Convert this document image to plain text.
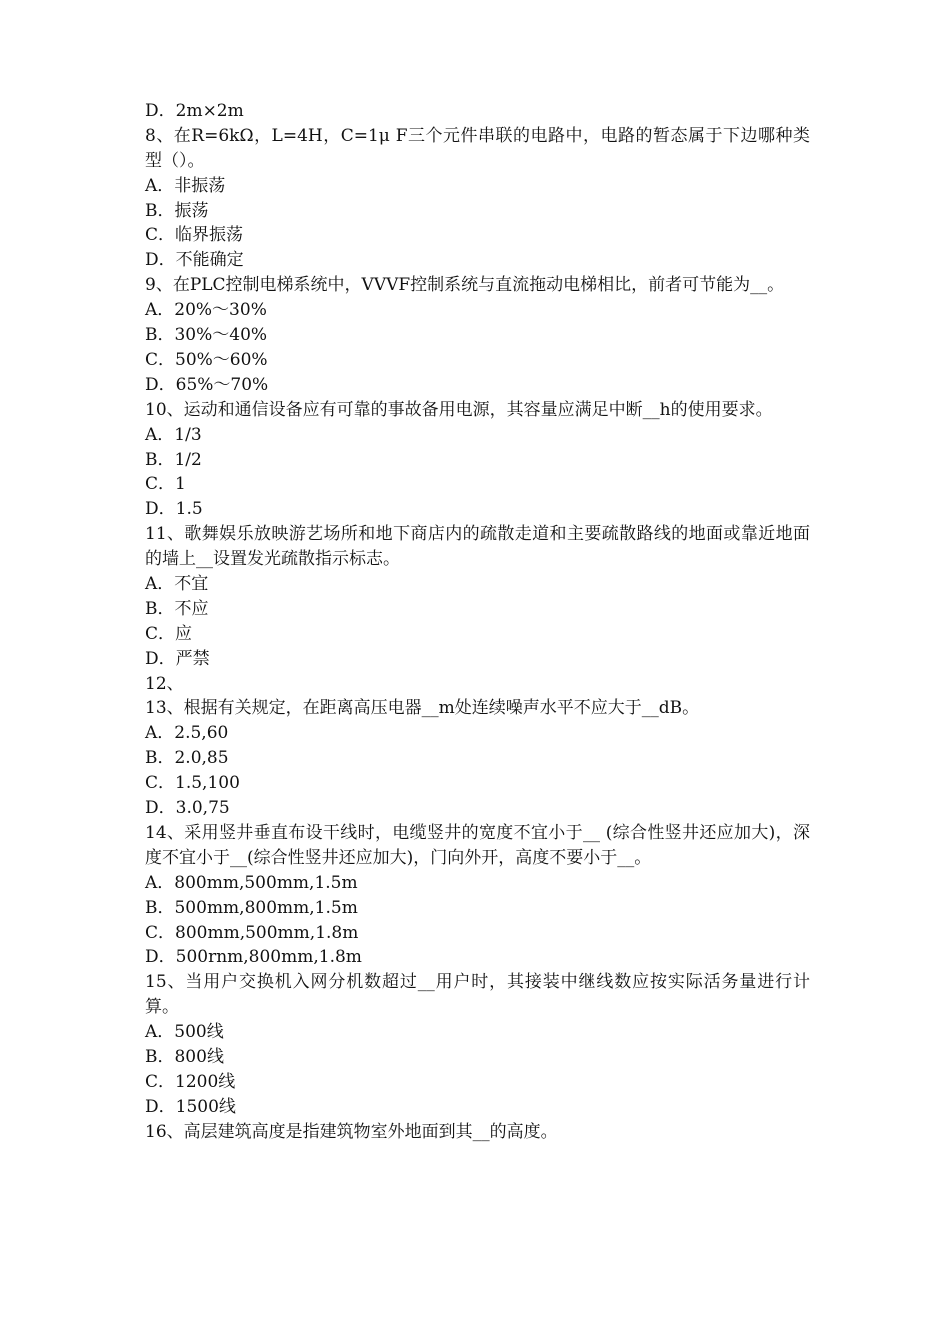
D．2m×2m
8、在R=6kΩ，L=4H，C=1μ F三个元件串联的电路中，电路的暂态属于下边哪种类型（）。
A．非振荡
B．振荡
C．临界振荡
D．不能确定
9、在PLC控制电梯系统中，VVVF控制系统与直流拖动电梯相比，前者可节能为__。
A．20%～30%
B．30%～40%
C．50%～60%
D．65%～70%
10、运动和通信设备应有可靠的事故备用电源，其容量应满足中断__h的使用要求。
A．1/3
B．1/2
C．1
D．1.5
11、歌舞娱乐放映游艺场所和地下商店内的疏散走道和主要疏散路线的地面或靠近地面的墙上__设置发光疏散指示标志。
A．不宜
B．不应
C．应
D．严禁
12、
13、根据有关规定，在距离高压电器__m处连续噪声水平不应大于__dB。
A．2.5,60
B．2.0,85
C．1.5,100
D．3.0,75
14、采用竖井垂直布设干线时，电缆竖井的宽度不宜小于__ (综合性竖井还应加大)，深度不宜小于__(综合性竖井还应加大)，门向外开，高度不要小于__。
A．800mm,500mm,1.5m
B．500mm,800mm,1.5m
C．800mm,500mm,1.8m
D．500rnm,800mm,1.8m
15、当用户交换机入网分机数超过__用户时，其接装中继线数应按实际活务量进行计算。
A．500线
B．800线
C．1200线
D．1500线
16、高层建筑高度是指建筑物室外地面到其__的高度。
